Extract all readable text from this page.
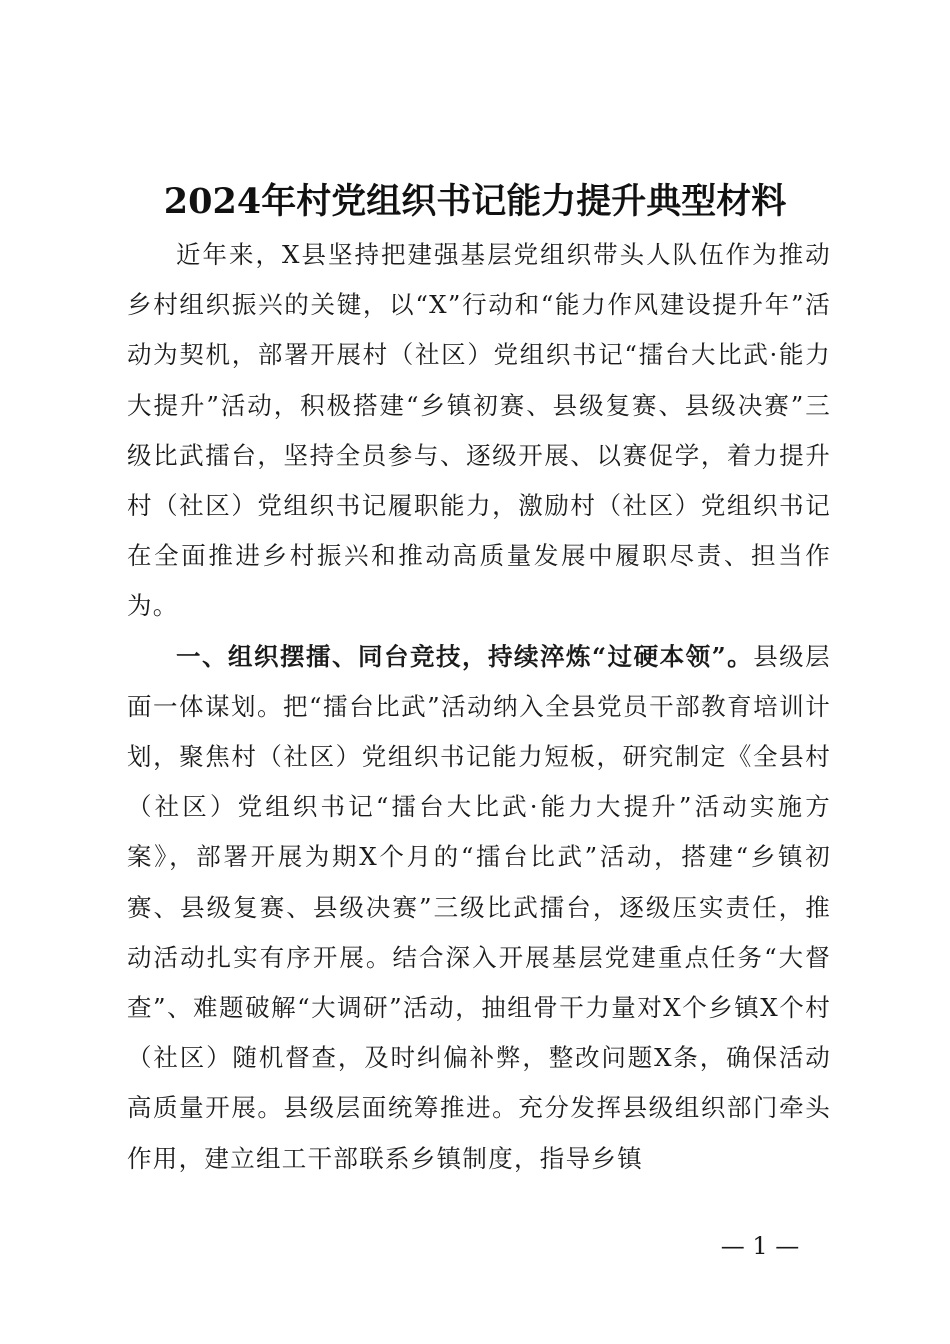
2024年村党组织书记能力提升典型材料

近年来，X县坚持把建强基层党组织带头人队伍作为推动乡村组织振兴的关键，以“X”行动和“能力作风建设提升年”活动为契机，部署开展村（社区）党组织书记“擂台大比武·能力大提升”活动，积极搭建“乡镇初赛、县级复赛、县级决赛”三级比武擂台，坚持全员参与、逐级开展、以赛促学，着力提升村（社区）党组织书记履职能力，激励村（社区）党组织书记在全面推进乡村振兴和推动高质量发展中履职尽责、担当作为。

一、组织摆擂、同台竞技，持续淬炼“过硬本领”。县级层面一体谋划。把“擂台比武”活动纳入全县党员干部教育培训计划，聚焦村（社区）党组织书记能力短板，研究制定《全县村（社区）党组织书记“擂台大比武·能力大提升”活动实施方案》，部署开展为期X个月的“擂台比武”活动，搭建“乡镇初赛、县级复赛、县级决赛”三级比武擂台，逐级压实责任，推动活动扎实有序开展。结合深入开展基层党建重点任务“大督查”、难题破解“大调研”活动，抽组骨干力量对X个乡镇X个村（社区）随机督查，及时纠偏补弊，整改问题X条，确保活动高质量开展。县级层面统筹推进。充分发挥县级组织部门牵头作用，建立组工干部联系乡镇制度，指导乡镇

— 1 —
